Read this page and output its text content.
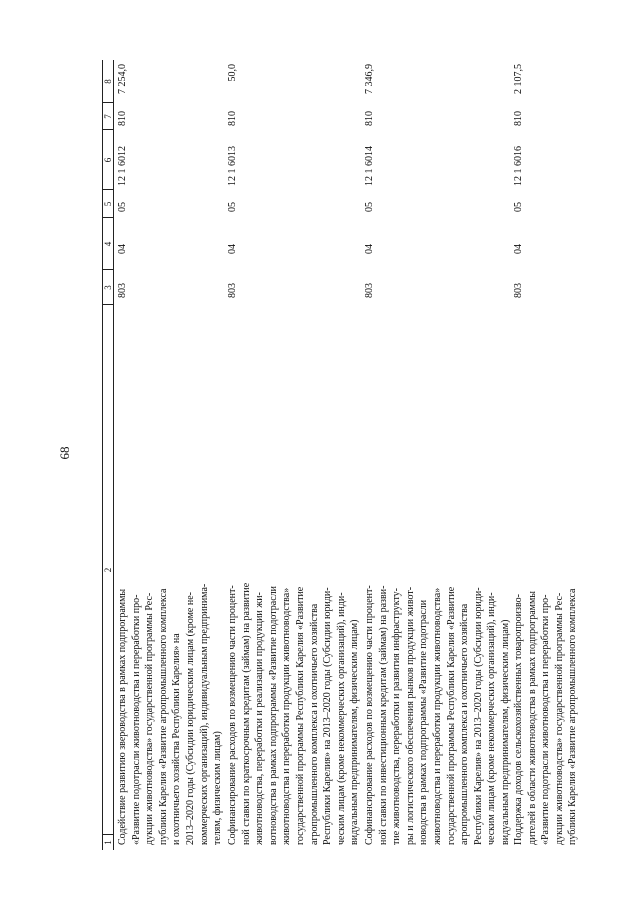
68
1
2
3
4
5
6
7
8
Содействие развитию звероводства в рамках подпрограммы «Развитие подотрасли животноводства и переработки про- дукции животноводства» государственной программы Рес- публики Карелия «Развитие агропромышленного комплекса и охотничьего хозяйства Республики Карелия» на 2013–2020 годы (Субсидии юридическим лицам (кроме не- коммерческих организаций), индивидуальным предпринима- телям, физическим лицам)
803
04
05
12 1 6012
810
7 254,0
Софинансирование расходов по возмещению части процент- ной ставки по краткосрочным кредитам (займам) на развитие животноводства, переработки и реализации продукции жи- вотноводства в рамках подпрограммы «Развитие подотрасли животноводства и переработки продукции животноводства» государственной программы Республики Карелия «Развитие агропромышленного комплекса и охотничьего хозяйства Республики Карелия» на 2013–2020 годы (Субсидии юриди- ческим лицам (кроме некоммерческих организаций), инди- видуальным предпринимателям, физическим лицам)
803
04
05
12 1 6013
810
50,0
Софинансирование расходов по возмещению части процент- ной ставки по инвестиционным кредитам (займам) на разви- тие животноводства, переработки и развития инфраструкту- ры и логистического обеспечения рынков продукции живот- новодства в рамках подпрограммы «Развитие подотрасли животноводства и переработки продукции животноводства» государственной программы Республики Карелия «Развитие агропромышленного комплекса и охотничьего хозяйства Республики Карелия» на 2013–2020 годы (Субсидии юриди- ческим лицам (кроме некоммерческих организаций), инди- видуальным предпринимателям, физическим лицам)
803
04
05
12 1 6014
810
7 346,9
Поддержка доходов сельскохозяйственных товаропроизво- дителей в области животноводства в рамках подпрограммы «Развитие подотрасли животноводства и переработки про- дукции животноводства» государственной программы Рес- публики Карелия «Развитие агропромышленного комплекса
803
04
05
12 1 6016
810
2 107,5
